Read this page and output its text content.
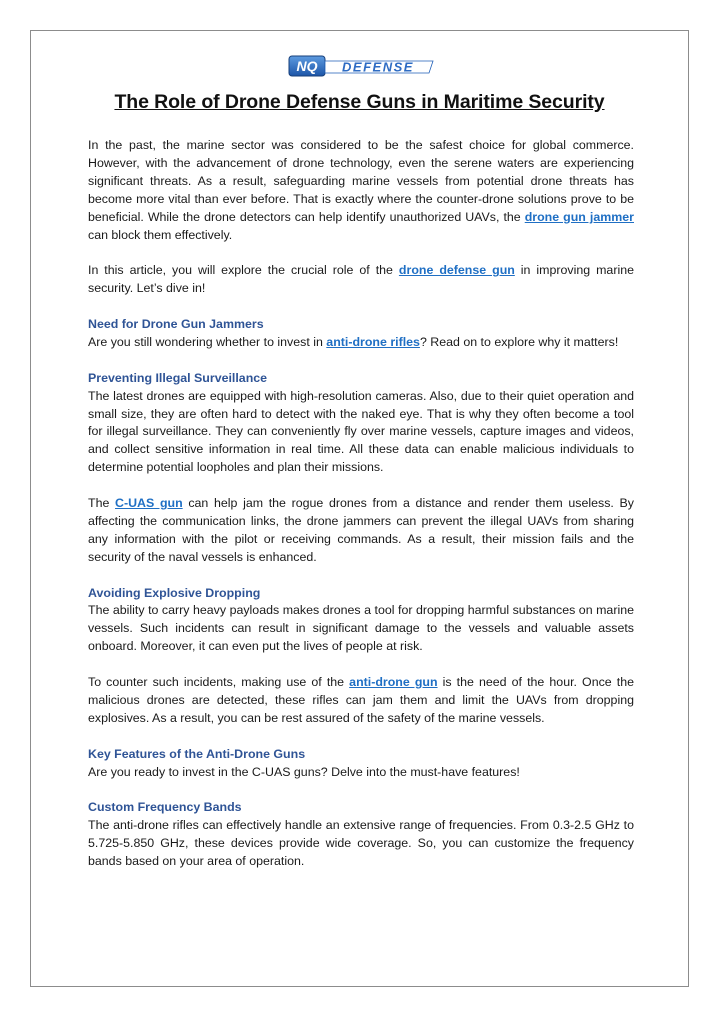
NQ DEFENSE
The Role of Drone Defense Guns in Maritime Security

In the past, the marine sector was considered to be the safest choice for global commerce. However, with the advancement of drone technology, even the serene waters are experiencing significant threats. As a result, safeguarding marine vessels from potential drone threats has become more vital than ever before. That is exactly where the counter-drone solutions prove to be beneficial. While the drone detectors can help identify unauthorized UAVs, the drone gun jammer can block them effectively.

In this article, you will explore the crucial role of the drone defense gun in improving marine security. Let’s dive in!

Need for Drone Gun Jammers
Are you still wondering whether to invest in anti-drone rifles? Read on to explore why it matters!

Preventing Illegal Surveillance
The latest drones are equipped with high-resolution cameras. Also, due to their quiet operation and small size, they are often hard to detect with the naked eye. That is why they often become a tool for illegal surveillance. They can conveniently fly over marine vessels, capture images and videos, and collect sensitive information in real time. All these data can enable malicious individuals to determine potential loopholes and plan their missions.

The C-UAS gun can help jam the rogue drones from a distance and render them useless. By affecting the communication links, the drone jammers can prevent the illegal UAVs from sharing any information with the pilot or receiving commands. As a result, their mission fails and the security of the naval vessels is enhanced.

Avoiding Explosive Dropping
The ability to carry heavy payloads makes drones a tool for dropping harmful substances on marine vessels. Such incidents can result in significant damage to the vessels and valuable assets onboard. Moreover, it can even put the lives of people at risk.

To counter such incidents, making use of the anti-drone gun is the need of the hour. Once the malicious drones are detected, these rifles can jam them and limit the UAVs from dropping explosives. As a result, you can be rest assured of the safety of the marine vessels.

Key Features of the Anti-Drone Guns
Are you ready to invest in the C-UAS guns? Delve into the must-have features!

Custom Frequency Bands
The anti-drone rifles can effectively handle an extensive range of frequencies. From 0.3-2.5 GHz to 5.725-5.850 GHz, these devices provide wide coverage. So, you can customize the frequency bands based on your area of operation.
